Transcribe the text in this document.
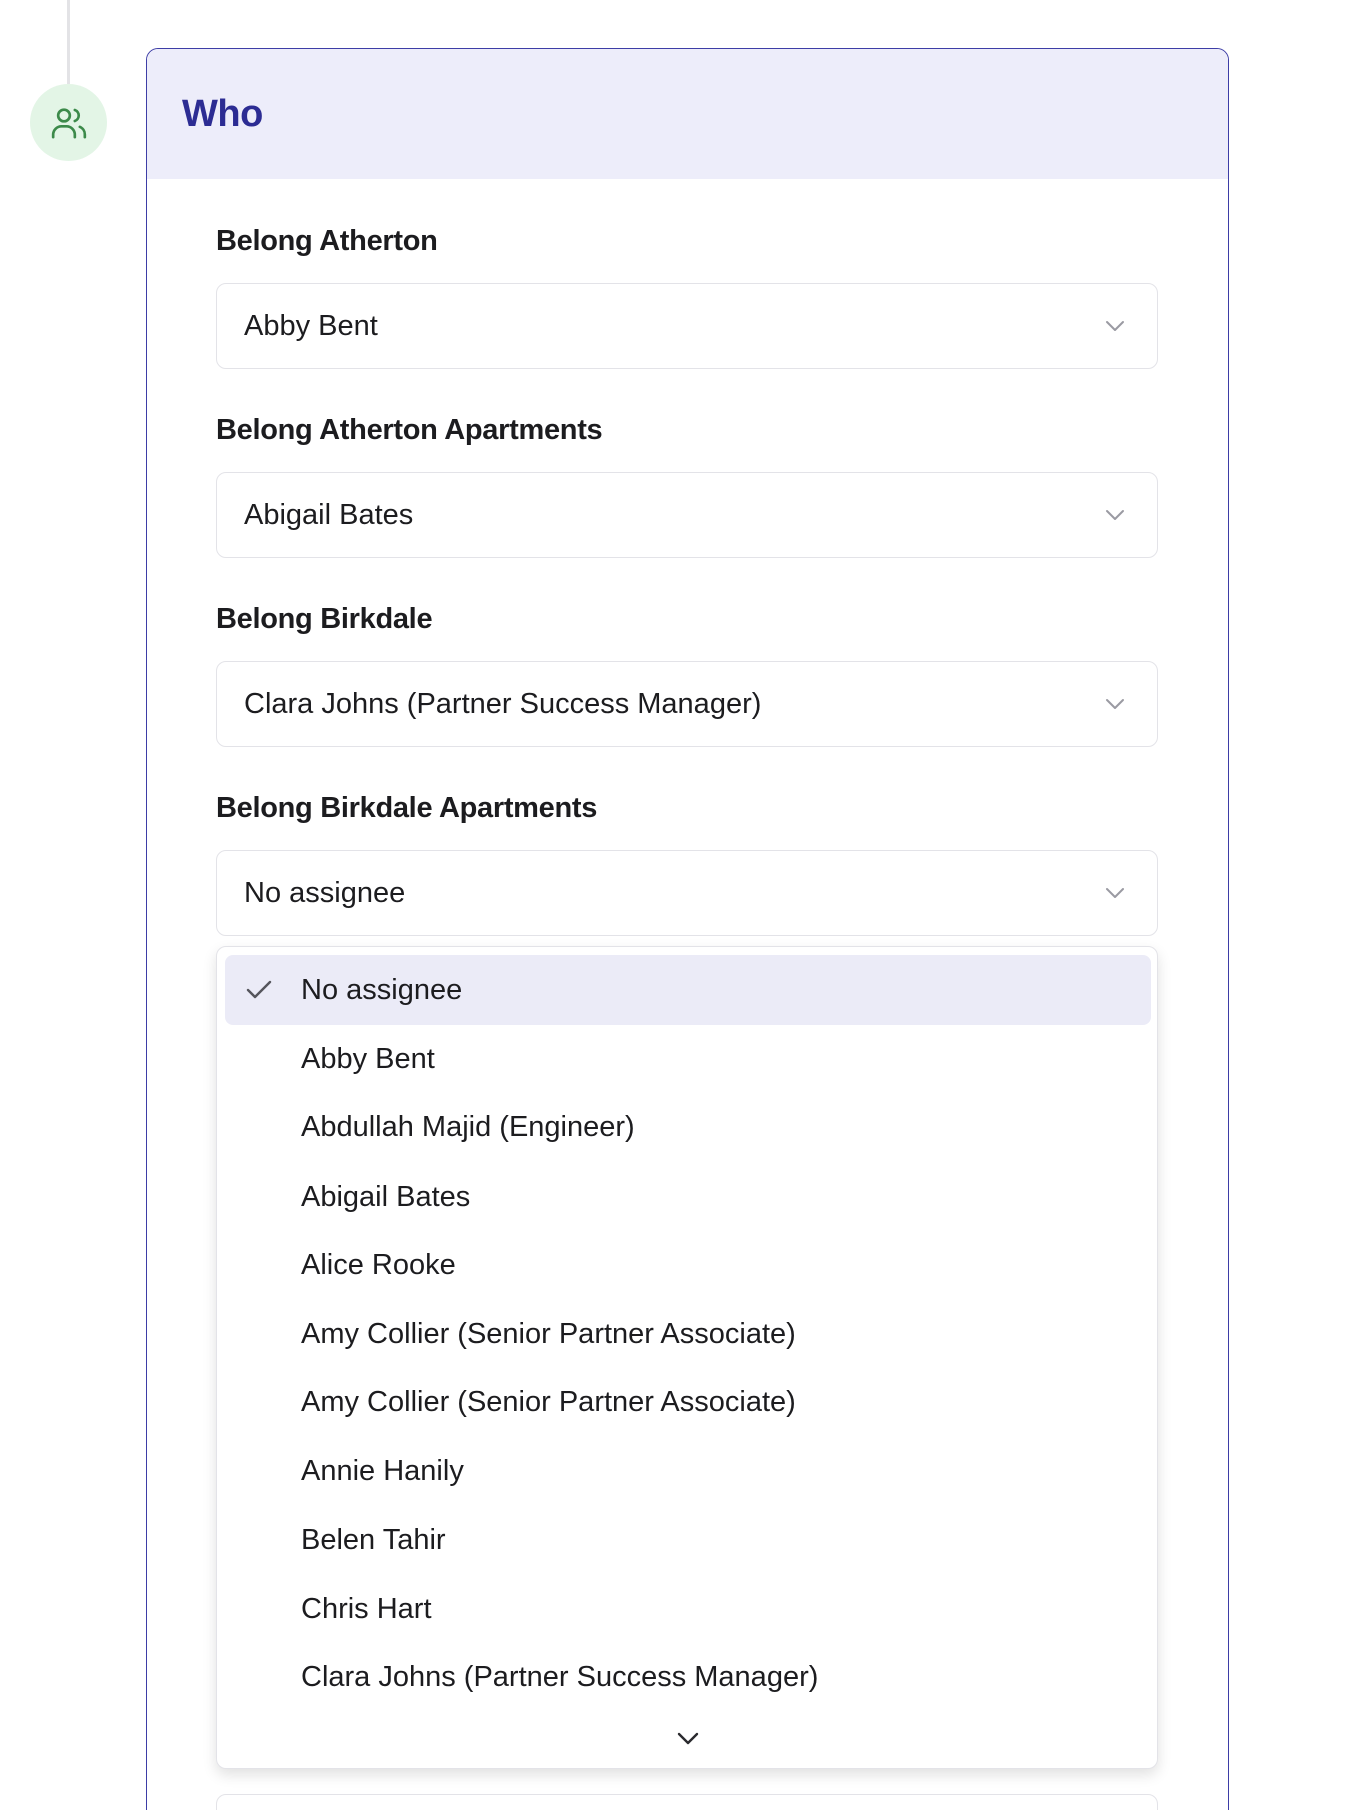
Who
Belong Atherton
Abby Bent
Belong Atherton Apartments
Abigail Bates
Belong Birkdale
Clara Johns (Partner Success Manager)
Belong Birkdale Apartments
No assignee
No assignee
Abby Bent
Abdullah Majid (Engineer)
Abigail Bates
Alice Rooke
Amy Collier (Senior Partner Associate)
Amy Collier (Senior Partner Associate)
Annie Hanily
Belen Tahir
Chris Hart
Clara Johns (Partner Success Manager)
